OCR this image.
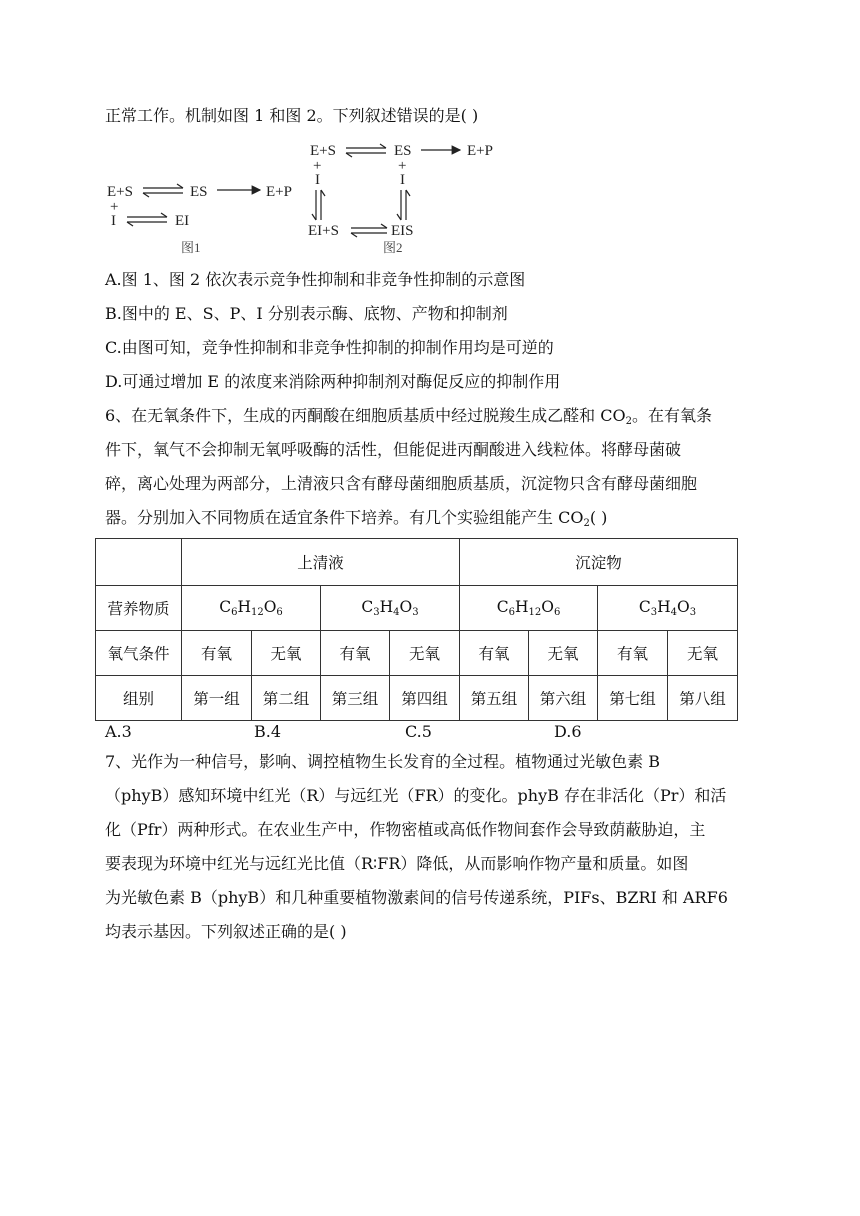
正常工作。机制如图 1 和图 2。下列叙述错误的是( )
E+S	ES	E+P
+
I	EI
图1
E+S	ES	E+P
+
I
+
I
EI+S	EIS
图2
A.图 1、图 2 依次表示竞争性抑制和非竞争性抑制的示意图
B.图中的 E、S、P、I 分别表示酶、底物、产物和抑制剂
C.由图可知，竞争性抑制和非竞争性抑制的抑制作用均是可逆的
D.可通过增加 E 的浓度来消除两种抑制剂对酶促反应的抑制作用
6、在无氧条件下，生成的丙酮酸在细胞质基质中经过脱羧生成乙醛和 $CO_2$。在有氧条
件下，氧气不会抑制无氧呼吸酶的活性，但能促进丙酮酸进入线粒体。将酵母菌破
碎，离心处理为两部分，上清液只含有酵母菌细胞质基质，沉淀物只含有酵母菌细胞
器。分别加入不同物质在适宜条件下培养。有几个实验组能产生 $CO_2$( )
	上清液				沉淀物			
营养物质	$C_6H_{12}O_6$		$C_3H_4O_3$		$C_6H_{12}O_6$		$C_3H_4O_3$
氧气条件	有氧	无氧	有氧	无氧	有氧	无氧	有氧	无氧
组别	第一组	第二组	第三组	第四组	第五组	第六组	第七组	第八组
A.3	B.4	C.5	D.6
7、光作为一种信号，影响、调控植物生长发育的全过程。植物通过光敏色素 B
（phyB）感知环境中红光（R）与远红光（FR）的变化。phyB 存在非活化（Pr）和活
化（Pfr）两种形式。在农业生产中，作物密植或高低作物间套作会导致荫蔽胁迫，主
要表现为环境中红光与远红光比值（R∶FR）降低，从而影响作物产量和质量。如图
为光敏色素 B（phyB）和几种重要植物激素间的信号传递系统，PIFs、BZRI 和 ARF6
均表示基因。下列叙述正确的是( )
